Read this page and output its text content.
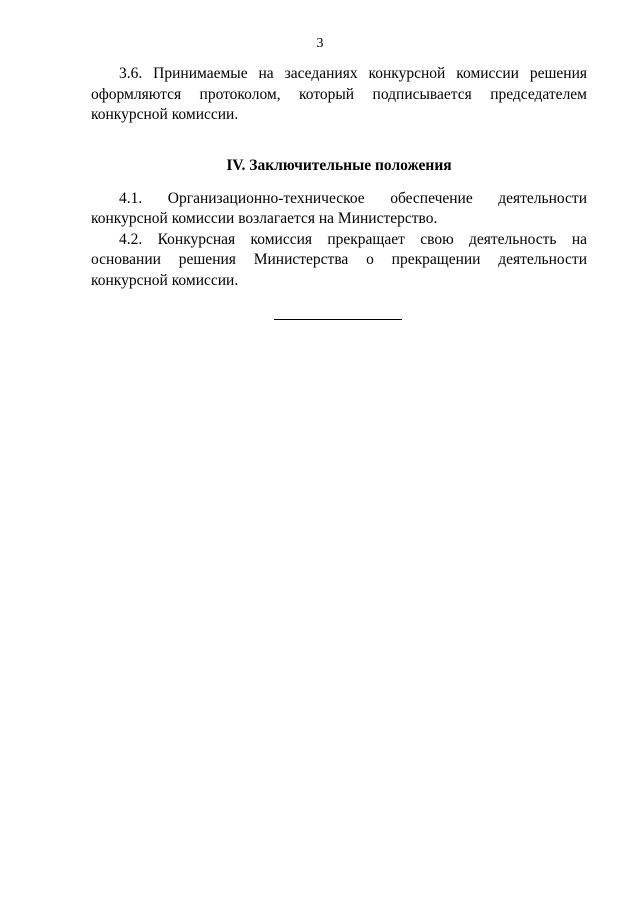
3

3.6. Принимаемые на заседаниях конкурсной комиссии решения оформляются протоколом, который подписывается председателем конкурсной комиссии.

IV. Заключительные положения

4.1. Организационно-техническое обеспечение деятельности конкурсной комиссии возлагается на Министерство.

4.2. Конкурсная комиссия прекращает свою деятельность на основании решения Министерства о прекращении деятельности конкурсной комиссии.
